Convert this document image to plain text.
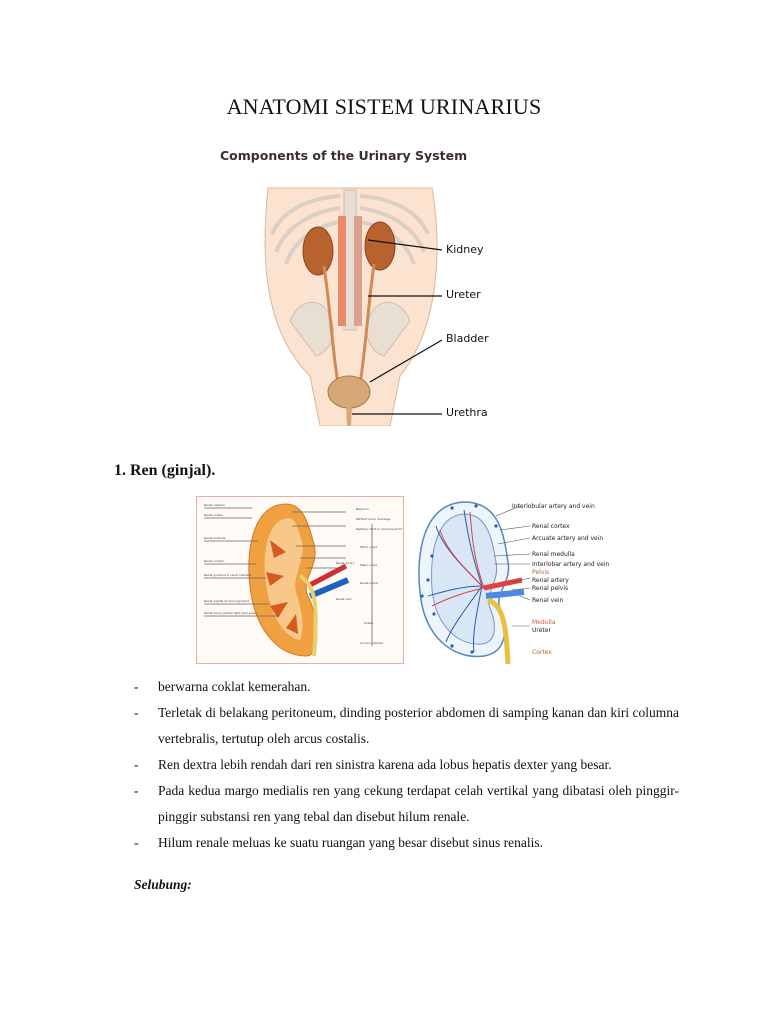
ANATOMI SISTEM URINARIUS
Components of the Urinary System
Kidney
Ureter
Bladder
Urethra
1. Ren (ginjal).
Renal capsule
Renal cortex
Renal medulla
Renal column
Renal pyramid in renal medulla
Renal papilla of renal pyramid
Renal sinus (yellow-light pink area)
Nephron
Pathoof urine drainage
Papillary duct in renal pyramid
Minor calyx
Major calyx
Renal pelvis
Ureter
Urinary bladder
Renal artery
Renal vein
Interlobular artery and vein
Renal cortex
Arcuate artery and vein
Renal medulla
Interlobar artery and vein
Pelvis
Renal artery
Renal pelvis
Renal vein
Medulla
Ureter
Cortex
-	berwarna coklat kemerahan.
-	Terletak di belakang peritoneum, dinding posterior abdomen di samping kanan dan kiri columna vertebralis, tertutup oleh arcus costalis.
-	Ren dextra lebih rendah dari ren sinistra karena ada lobus hepatis dexter yang besar.
-	Pada kedua margo medialis ren yang cekung terdapat celah vertikal yang dibatasi oleh pinggir-pinggir substansi ren yang tebal dan disebut hilum renale.
-	Hilum renale meluas ke suatu ruangan yang besar disebut sinus renalis.
Selubung:
